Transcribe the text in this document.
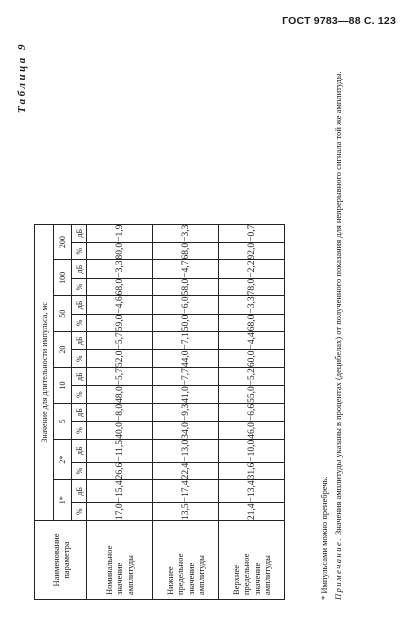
ГОСТ 9783—88 С. 123
Таблица 9
Наименование параметра	Значение для длительности импульса, мс															
	1*		2*		5		10		20		50		100		200	
	%	дБ	%	дБ	%	дБ	%	дБ	%	дБ	%	дБ	%	дБ	%	дБ
Номинальное значение амплитуды	17,0	−15,4	26,6	−11,5	40,0	−8,0	48,0	−5,7	52,0	−5,7	59,0	−4,6	68,0	−3,3	80,0	−1,9
Нижнее предельное значение амплитуды	13,5	−17,4	22,4	−13,0	34,0	−9,3	41,0	−7,7	44,0	−7,1	50,0	−6,0	58,0	−4,7	68,0	−3,3
Верхнее предельное значение амплитуды	21,4	−13,4	31,6	−10,0	46,0	−6,6	55,0	−5,2	60,0	−4,4	68,0	−3,3	78,0	−2,2	92,0	−0,7

* Импульсами можно пренебречь. Примечание. Значения амплитуды указаны в процентах (децибелах) от полученного показания для непрерывного сигнала той же амплитуды.
